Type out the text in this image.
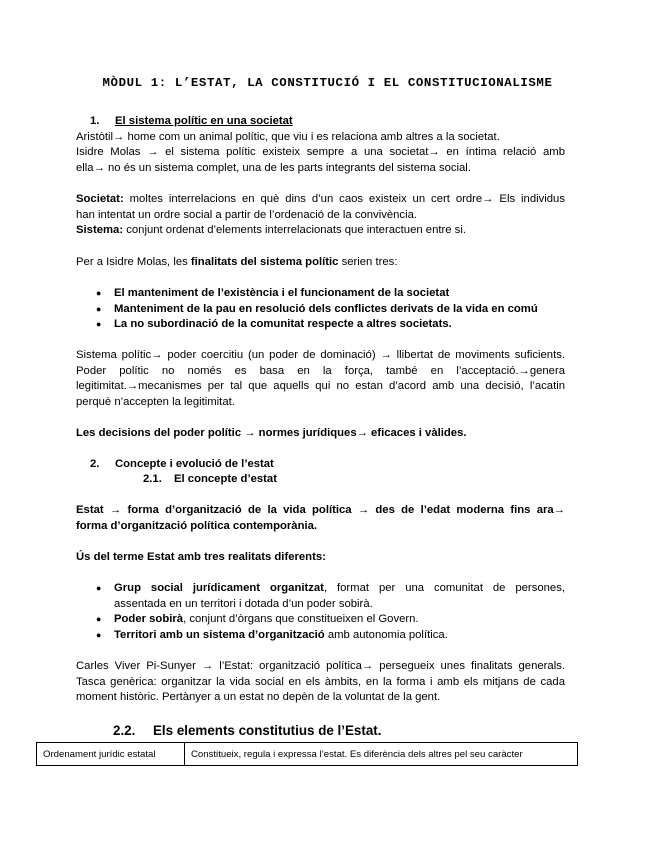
MÒDUL 1: L’ESTAT, LA CONSTITUCIÓ I EL CONSTITUCIONALISME
1. El sistema polític en una societat
Aristòtil→ home com un animal polític, que viu i es relaciona amb altres a la societat.
Isidre Molas → el sistema polític existeix sempre a una societat→ en íntima relació amb
ella→ no és un sistema complet, una de les parts integrants del sistema social.
Societat: moltes interrelacions en què dins d’un caos existeix un cert ordre→ Els individus
han intentat un ordre social a partir de l’ordenació de la convivència.
Sistema: conjunt ordenat d’elements interrelacionats que interactuen entre si.
Per a Isidre Molas, les finalitats del sistema polític serien tres:
● El manteniment de l’existència i el funcionament de la societat
● Manteniment de la pau en resolució dels conflictes derivats de la vida en comú
● La no subordinació de la comunitat respecte a altres societats.
Sistema polític→ poder coercitiu (un poder de dominació) → llibertat de moviments suficients.
Poder polític no només es basa en la força, també en l’acceptació.→genera
legitimitat.→mecanismes per tal que aquells qui no estan d’acord amb una decisió, l’acatin
perquè n’accepten la legitimitat.
Les decisions del poder polític → normes jurídiques→ eficaces i vàlides.
2. Concepte i evolució de l’estat
2.1. El concepte d’estat
Estat → forma d’organització de la vida política → des de l’edat moderna fins ara→
forma d’organització política contemporània.
Ús del terme Estat amb tres realitats diferents:
● Grup social jurídicament organitzat, format per una comunitat de persones,
assentada en un territori i dotada d’un poder sobirà.
● Poder sobirà, conjunt d’òrgans que constitueixen el Govern.
● Territori amb un sistema d’organització amb autonomia política.
Carles Viver Pi-Sunyer → l’Estat: organització política→ persegueix unes finalitats generals.
Tasca genèrica: organitzar la vida social en els àmbits, en la forma i amb els mitjans de cada
moment històric. Pertànyer a un estat no depèn de la voluntat de la gent.
2.2. Els elements constitutius de l’Estat.
Ordenament jurídic estatal	Constitueix, regula i expressa l’estat. Es diferència dels altres pel seu caràcter
